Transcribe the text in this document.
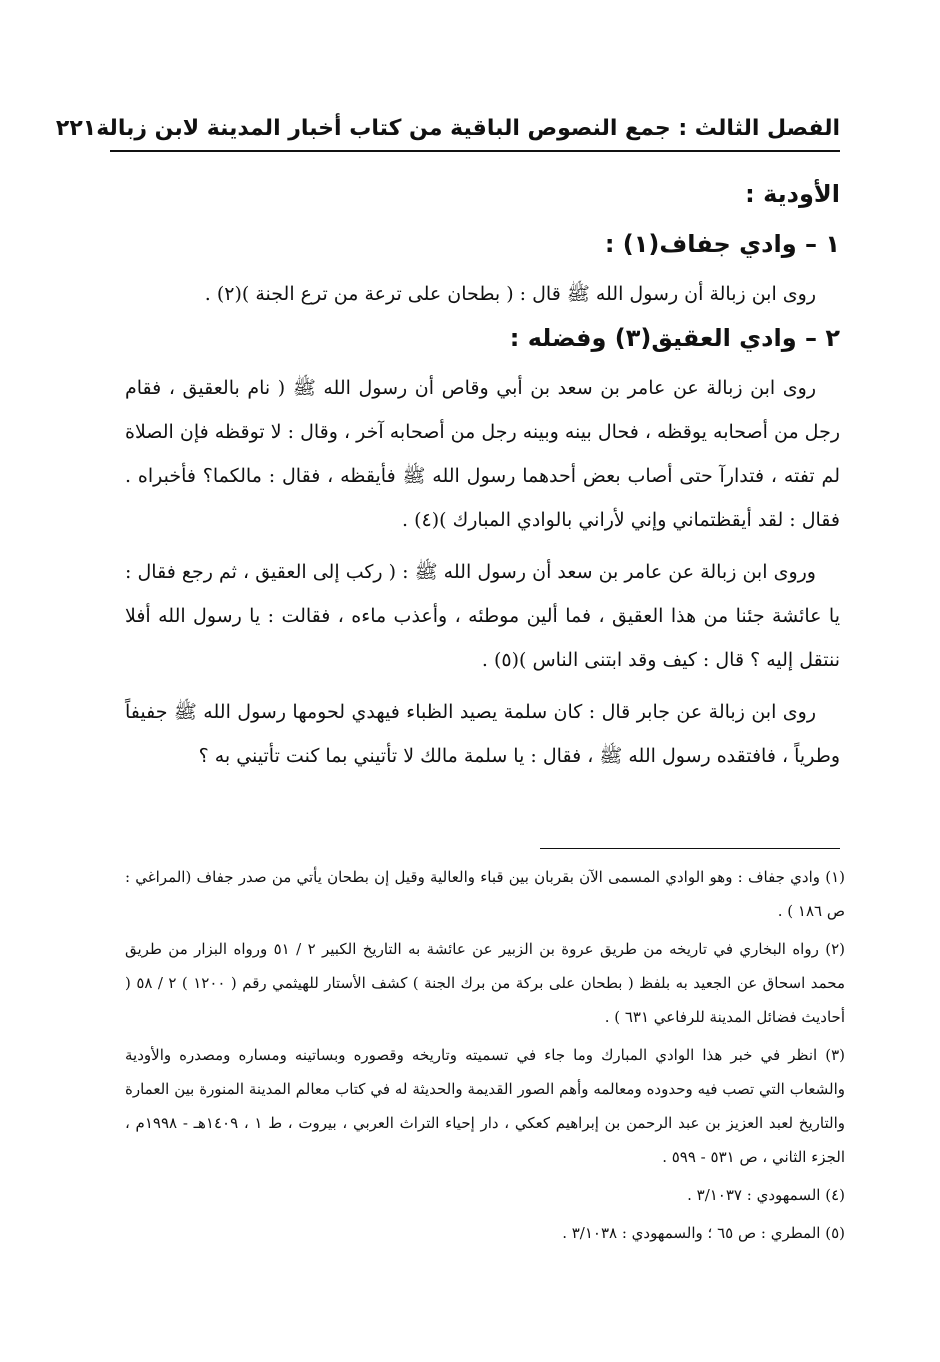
الفصل الثالث : جمع النصوص الباقية من كتاب أخبار المدينة لابن زبالة
٢٢١
الأودية :
١ – وادي جفاف(١) :

روى ابن زبالة أن رسول الله ﷺ قال : ( بطحان على ترعة من ترع الجنة )(٢) .

٢ – وادي العقيق(٣) وفضله :

روى ابن زبالة عن عامر بن سعد بن أبي وقاص أن رسول الله ﷺ ( نام بالعقيق ، فقام رجل من أصحابه يوقظه ، فحال بينه وبينه رجل من أصحابه آخر ، وقال : لا توقظه فإن الصلاة لم تفته ، فتدارآ حتى أصاب بعض أحدهما رسول الله ﷺ فأيقظه ، فقال : مالكما؟ فأخبراه . فقال : لقد أيقظتماني وإني لأراني بالوادي المبارك )(٤) .

وروى ابن زبالة عن عامر بن سعد أن رسول الله ﷺ : ( ركب إلى العقيق ، ثم رجع فقال : يا عائشة جئنا من هذا العقيق ، فما ألين موطئه ، وأعذب ماءه ، فقالت : يا رسول الله أفلا ننتقل إليه ؟ قال : كيف وقد ابتنى الناس )(٥) .

روى ابن زبالة عن جابر قال : كان سلمة يصيد الظباء فيهدي لحومها رسول الله ﷺ جفيفاً وطرياً ، فافتقده رسول الله ﷺ ، فقال : يا سلمة مالك لا تأتيني بما كنت تأتيني به ؟

(١) وادي جفاف : وهو الوادي المسمى الآن بقربان بين قباء والعالية وقيل إن بطحان يأتي من صدر جفاف (المراغي : ص ١٨٦ ) .

(٢) رواه البخاري في تاريخه من طريق عروة بن الزبير عن عائشة به التاريخ الكبير ٢ / ٥١ ورواه البزار من طريق محمد اسحاق عن الجعيد به بلفظ ( بطحان على بركة من برك الجنة ) كشف الأستار للهيثمي رقم ( ١٢٠٠ ) ٢ / ٥٨ ( أحاديث فضائل المدينة للرفاعي ٦٣١ ) .

(٣) انظر في خبر هذا الوادي المبارك وما جاء في تسميته وتاريخه وقصوره وبساتينه ومساره ومصدره والأودية والشعاب التي تصب فيه وحدوده ومعالمه وأهم الصور القديمة والحديثة له في كتاب معالم المدينة المنورة بين العمارة والتاريخ لعبد العزيز بن عبد الرحمن بن إبراهيم كعكي ، دار إحياء التراث العربي ، بيروت ، ط ١ ، ١٤٠٩هـ - ١٩٩٨م ، الجزء الثاني ، ص ٥٣١ - ٥٩٩ .

(٤) السمهودي : ٣/١٠٣٧ .

(٥) المطري : ص ٦٥ ؛ والسمهودي : ٣/١٠٣٨ .
